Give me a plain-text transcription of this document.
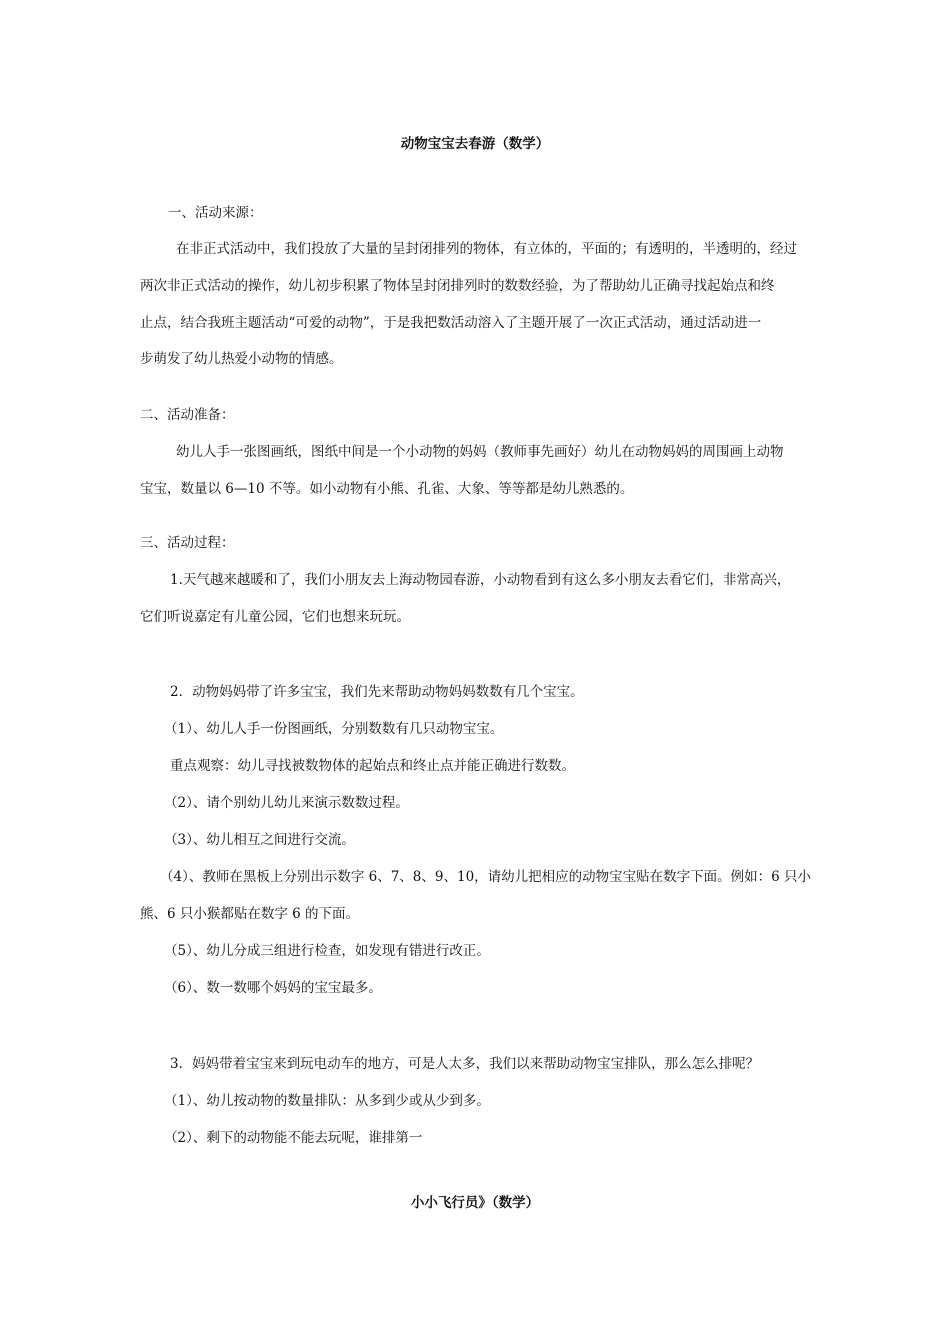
动物宝宝去春游（数学）
一、活动来源：
在非正式活动中，我们投放了大量的呈封闭排列的物体，有立体的，平面的；有透明的，半透明的，经过
两次非正式活动的操作，幼儿初步积累了物体呈封闭排列时的数数经验，为了帮助幼儿正确寻找起始点和终
止点，结合我班主题活动“可爱的动物”，于是我把数活动溶入了主题开展了一次正式活动，通过活动进一
步萌发了幼儿热爱小动物的情感。
二、活动准备：
幼儿人手一张图画纸，图纸中间是一个小动物的妈妈（教师事先画好）幼儿在动物妈妈的周围画上动物
宝宝，数量以 6—10 不等。如小动物有小熊、孔雀、大象、等等都是幼儿熟悉的。
三、活动过程：
1.天气越来越暖和了，我们小朋友去上海动物园春游，小动物看到有这么多小朋友去看它们，非常高兴，
它们听说嘉定有儿童公园，它们也想来玩玩。
2．动物妈妈带了许多宝宝，我们先来帮助动物妈妈数数有几个宝宝。
（1）、幼儿人手一份图画纸，分别数数有几只动物宝宝。
重点观察：幼儿寻找被数物体的起始点和终止点并能正确进行数数。
（2）、请个别幼儿幼儿来演示数数过程。
（3）、幼儿相互之间进行交流。
（4）、教师在黑板上分别出示数字 6、7、8、9、10，请幼儿把相应的动物宝宝贴在数字下面。例如：6 只小
熊、6 只小猴都贴在数字 6 的下面。
（5）、幼儿分成三组进行检查，如发现有错进行改正。
（6）、数一数哪个妈妈的宝宝最多。
3．妈妈带着宝宝来到玩电动车的地方，可是人太多，我们以来帮助动物宝宝排队，那么怎么排呢？
（1）、幼儿按动物的数量排队：从多到少或从少到多。
（2）、剩下的动物能不能去玩呢，谁排第一
小小飞行员》（数学）
